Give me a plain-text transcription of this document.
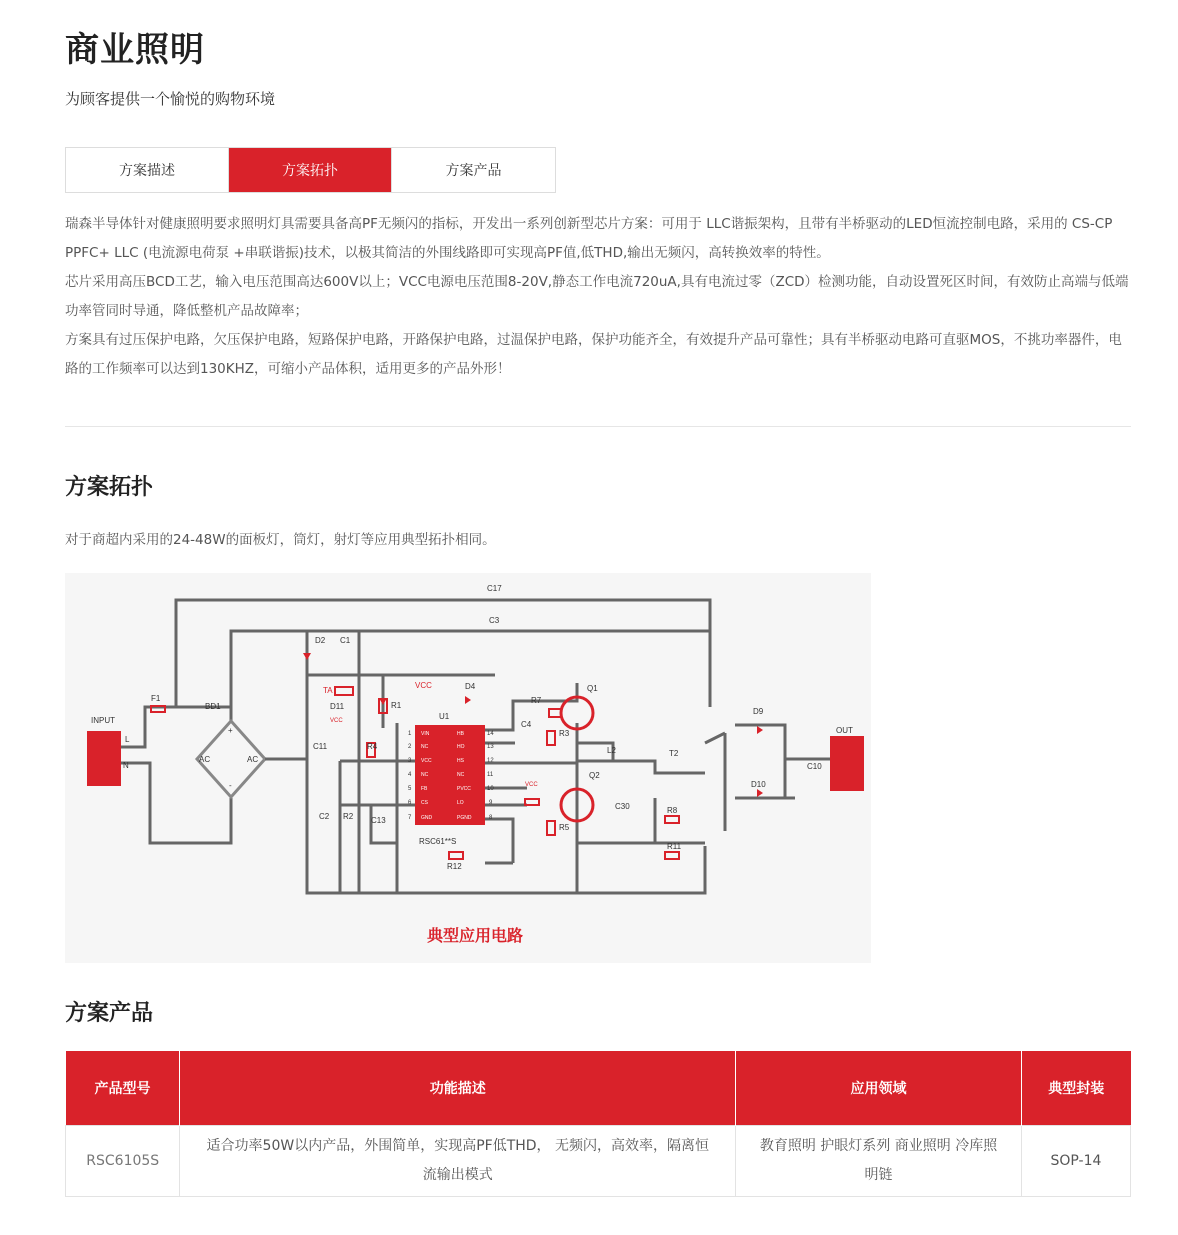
商业照明
为顾客提供一个愉悦的购物环境
方案描述	方案拓扑	方案产品

瑞森半导体针对健康照明要求照明灯具需要具备高PF无频闪的指标，开发出一系列创新型芯片方案：可用于 LLC谐振架构，且带有半桥驱动的LED恒流控制电路，采用的 CS-CP PPFC+ LLC (电流源电荷泵 +串联谐振)技术，以极其简洁的外围线路即可实现高PF值,低THD,输出无频闪，高转换效率的特性。

芯片采用高压BCD工艺，输入电压范围高达600V以上；VCC电源电压范围8-20V,静态工作电流720uA,具有电流过零（ZCD）检测功能，自动设置死区时间，有效防止高端与低端功率管同时导通，降低整机产品故障率；

方案具有过压保护电路，欠压保护电路，短路保护电路，开路保护电路，过温保护电路，保护功能齐全，有效提升产品可靠性；具有半桥驱动电路可直驱MOS，不挑功率器件，电路的工作频率可以达到130KHZ，可缩小产品体积，适用更多的产品外形！

方案拓扑
对于商超内采用的24-48W的面板灯，筒灯，射灯等应用典型拓扑相同。
VIN
NC
VCC
NC
FB
CS
GND
HB
HO
HS
NC
PVCC
LO
PGND
1
2
3
4
5
6
7
14
13
12
11
10
9
8
INPUT
OUT
L
N
F1
BD1
AC	AC
+
-
D2 C1
C17
C3
TA
D11
VCC
VCC
VCC
R1
R4
C11
C2 R2 C13
U1
D4
R7
R3
C4
Q1
Q2
R5
C30
L2	T2
R8
R11
R12
RSC61**S
D9
D10
C10
典型应用电路
方案产品
产品型号	功能描述	应用领域	典型封装
RSC6105S	适合功率50W以内产品，外围简单，实现高PF低THD， 无频闪，高效率，隔离恒流输出模式	教育照明 护眼灯系列 商业照明 冷库照明链	SOP-14
